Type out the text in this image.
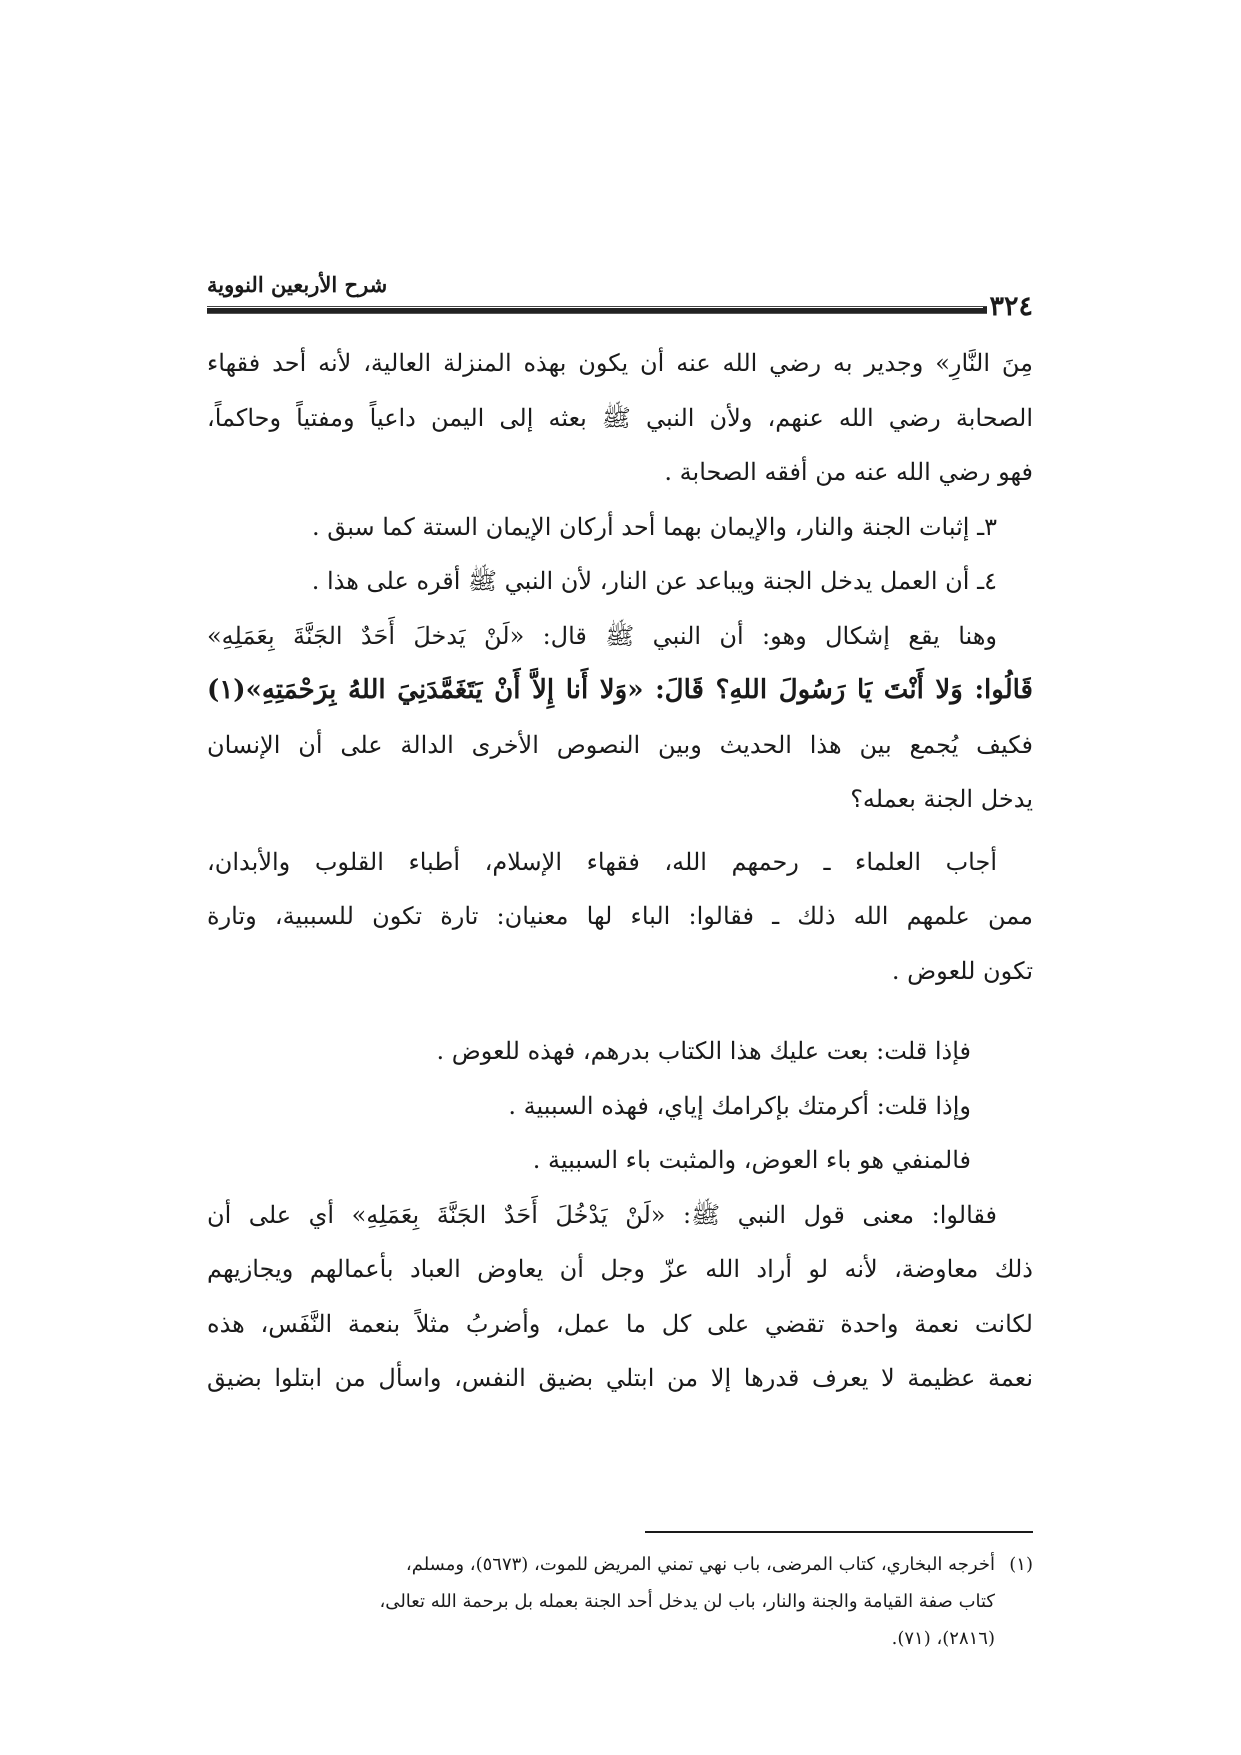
شرح الأربعين النووية
٣٢٤
مِنَ النَّارِ» وجدير به رضي الله عنه أن يكون بهذه المنزلة العالية، لأنه أحد فقهاء
الصحابة رضي الله عنهم، ولأن النبي ﷺ بعثه إلى اليمن داعياً ومفتياً وحاكماً،
فهو رضي الله عنه من أفقه الصحابة .
٣ـ إثبات الجنة والنار، والإيمان بهما أحد أركان الإيمان الستة كما سبق .
٤ـ أن العمل يدخل الجنة ويباعد عن النار، لأن النبي ﷺ أقره على هذا .
وهنا يقع إشكال وهو: أن النبي ﷺ قال: «لَنْ يَدخلَ أَحَدٌ الجَنَّةَ بِعَمَلِهِ»
قَالُوا: وَلا أَنْتَ يَا رَسُولَ اللهِ؟ قَالَ: «وَلا أَنا إِلاَّ أَنْ يَتَغَمَّدَنِيَ اللهُ بِرَحْمَتِهِ»(١)
فكيف يُجمع بين هذا الحديث وبين النصوص الأخرى الدالة على أن الإنسان
يدخل الجنة بعمله؟
أجاب العلماء ـ رحمهم الله، فقهاء الإسلام، أطباء القلوب والأبدان،
ممن علمهم الله ذلك ـ فقالوا: الباء لها معنيان: تارة تكون للسببية، وتارة
تكون للعوض .
فإذا قلت: بعت عليك هذا الكتاب بدرهم، فهذه للعوض .
وإذا قلت: أكرمتك بإكرامك إياي، فهذه السببية .
فالمنفي هو باء العوض، والمثبت باء السببية .
فقالوا: معنى قول النبي ﷺ: «لَنْ يَدْخُلَ أَحَدٌ الجَنَّةَ بِعَمَلِهِ» أي على أن
ذلك معاوضة، لأنه لو أراد الله عزّ وجل أن يعاوض العباد بأعمالهم ويجازيهم
لكانت نعمة واحدة تقضي على كل ما عمل، وأضربُ مثلاً بنعمة النَّفَس، هذه
نعمة عظيمة لا يعرف قدرها إلا من ابتلي بضيق النفس، واسأل من ابتلوا بضيق
(١)أخرجه البخاري، كتاب المرضى، باب نهي تمني المريض للموت، (٥٦٧٣)، ومسلم،
كتاب صفة القيامة والجنة والنار، باب لن يدخل أحد الجنة بعمله بل برحمة الله تعالى،
(٢٨١٦)، (٧١).
